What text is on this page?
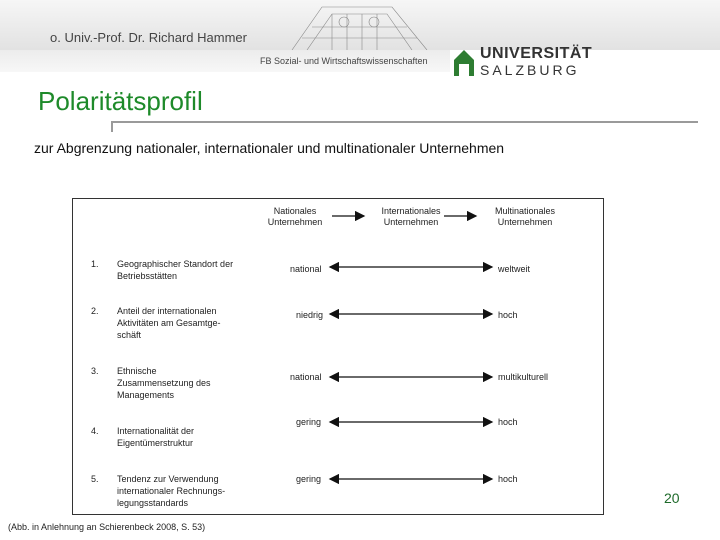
o. Univ.-Prof. Dr. Richard Hammer
FB Sozial- und Wirtschaftswissenschaften	UNIVERSITÄT
SALZBURG
Polaritätsprofil
zur Abgrenzung nationaler, internationaler und multinationaler Unternehmen
Nationales Unternehmen
Internationales Unternehmen
Multinationales Unternehmen
1. Geographischer Standort der Betriebsstätten
national	weltweit
2. Anteil der internationalen Aktivitäten am Gesamtge-schäft
niedrig	hoch
3. Ethnische Zusammensetzung des Managements
national	multikulturell
4. Internationalität der Eigentümerstruktur
gering	hoch
5. Tendenz zur Verwendung internationaler Rechnungs-legungsstandards
gering	hoch
(Abb. in Anlehnung an Schierenbeck 2008, S. 53)
20
